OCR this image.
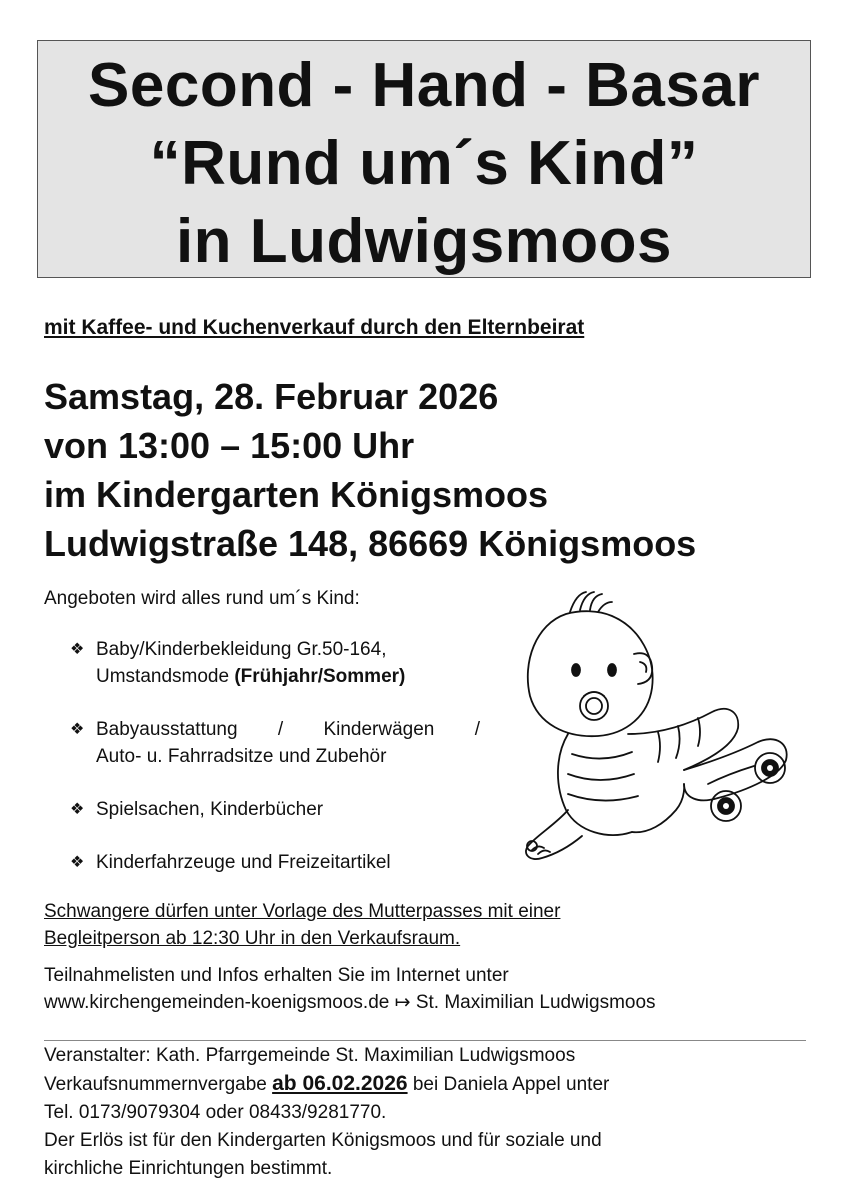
Second - Hand - Basar
“Rund um´s Kind”
in Ludwigsmoos
mit Kaffee- und Kuchenverkauf durch den Elternbeirat
Samstag, 28. Februar 2026
von 13:00 – 15:00 Uhr
im Kindergarten Königsmoos
Ludwigstraße 148, 86669 Königsmoos
Angeboten wird alles rund um´s Kind:
❖ Baby/Kinderbekleidung Gr.50-164,
Umstandsmode (Frühjahr/Sommer)
❖ Babyausstattung / Kinderwägen /
Auto- u. Fahrradsitze und Zubehör
❖ Spielsachen, Kinderbücher
❖ Kinderfahrzeuge und Freizeitartikel
Schwangere dürfen unter Vorlage des Mutterpasses mit einer
Begleitperson ab 12:30 Uhr in den Verkaufsraum.
Teilnahmelisten und Infos erhalten Sie im Internet unter
www.kirchengemeinden-koenigsmoos.de ↦ St. Maximilian Ludwigsmoos
Veranstalter: Kath. Pfarrgemeinde St. Maximilian Ludwigsmoos
Verkaufsnummernvergabe ab 06.02.2026 bei Daniela Appel unter
Tel. 0173/9079304 oder 08433/9281770.
Der Erlös ist für den Kindergarten Königsmoos und für soziale und
kirchliche Einrichtungen bestimmt.
